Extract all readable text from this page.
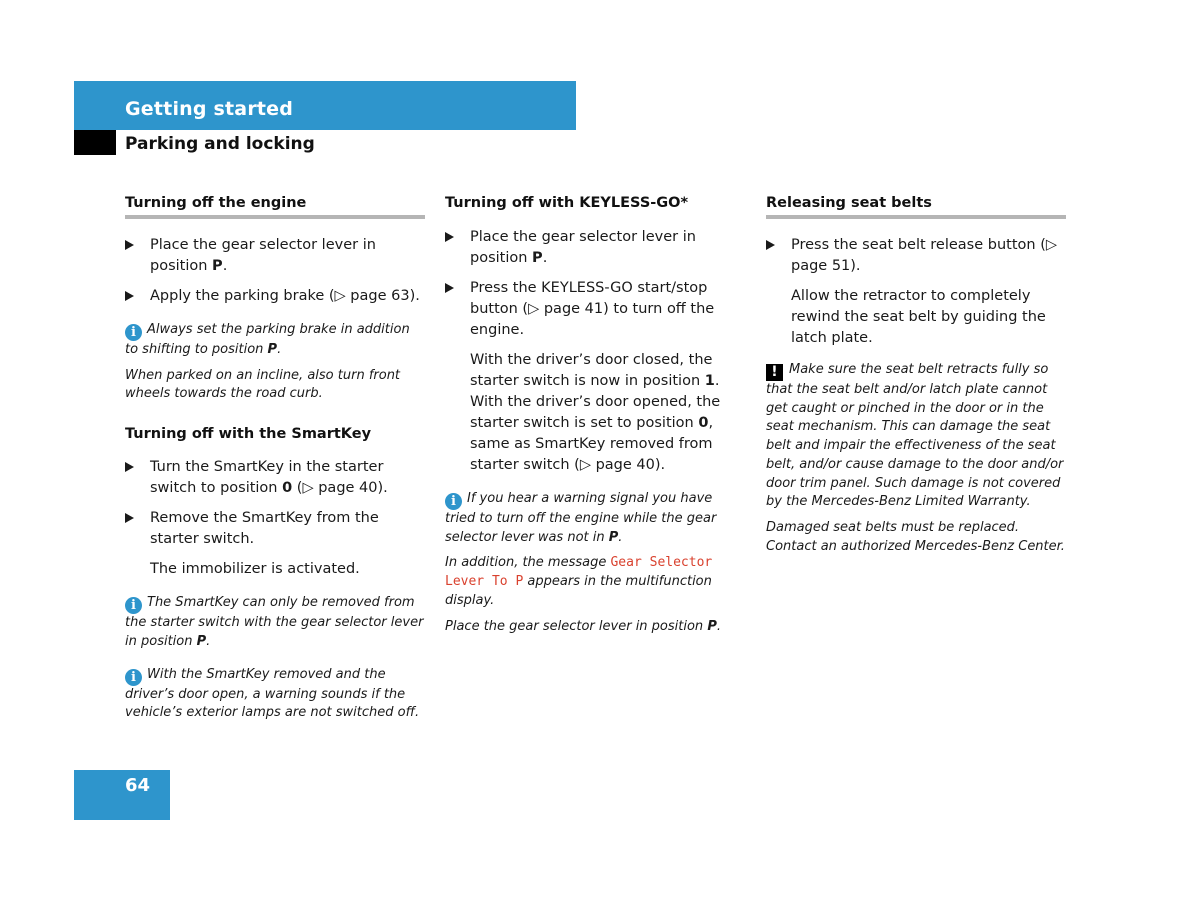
Getting started
Parking and locking
Turning off the engine
Place the gear selector lever in position P.
Apply the parking brake (▷ page 63).
i Always set the parking brake in addition to shifting to position P.
When parked on an incline, also turn front wheels towards the road curb.
Turning off with the SmartKey
Turn the SmartKey in the starter switch to position 0 (▷ page 40).
Remove the SmartKey from the starter switch.
The immobilizer is activated.
i The SmartKey can only be removed from the starter switch with the gear selector lever in position P.
i With the SmartKey removed and the driver’s door open, a warning sounds if the vehicle’s exterior lamps are not switched off.
Turning off with KEYLESS-GO*
Place the gear selector lever in position P.
Press the KEYLESS-GO start/stop button (▷ page 41) to turn off the engine.
With the driver’s door closed, the starter switch is now in position 1. With the driver’s door opened, the starter switch is set to position 0, same as SmartKey removed from starter switch (▷ page 40).
i If you hear a warning signal you have tried to turn off the engine while the gear selector lever was not in P.
In addition, the message Gear Selector Lever To P appears in the multifunction display.
Place the gear selector lever in position P.
Releasing seat belts
Press the seat belt release button (▷ page 51).
Allow the retractor to completely rewind the seat belt by guiding the latch plate.
! Make sure the seat belt retracts fully so that the seat belt and/or latch plate cannot get caught or pinched in the door or in the seat mechanism. This can damage the seat belt and impair the effectiveness of the seat belt, and/or cause damage to the door and/or door trim panel. Such damage is not covered by the Mercedes-Benz Limited Warranty.
Damaged seat belts must be replaced. Contact an authorized Mercedes-Benz Center.
64
